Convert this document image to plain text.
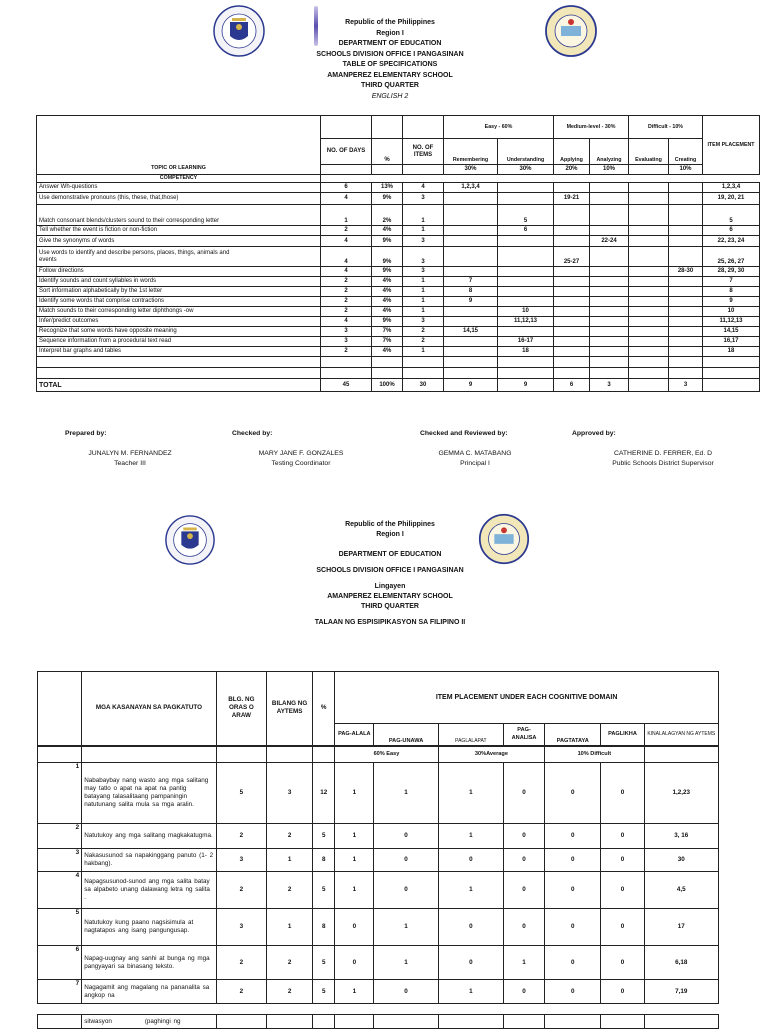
Republic of the Philippines
Region I
DEPARTMENT OF EDUCATION
SCHOOLS DIVISION OFFICE I PANGASINAN
TABLE OF SPECIFICATIONS
AMANPEREZ ELEMENTARY SCHOOL
THIRD QUARTER
ENGLISH 2
TOPIC OR LEARNING				Easy - 60%		Medium-level - 30%		Difficult - 10%		ITEM PLACEMENT
	NO. OF DAYS	%	NO. OF ITEMS	Remembering	Understanding	Applying	Analyzing	Evaluating	Creating	
				30%	30%	20%	10%		10%	
COMPETENCY										
Answer Wh-questions	6	13%	4	1,2,3,4						1,2,3,4
Use demonstrative pronouns (this, these, that,those)	4	9%	3			19-21				19, 20, 21
Match consonant blends/clusters sound to their corresponding letter	1	2%	1		5					5
Tell whether the event is fiction or non-fiction	2	4%	1		6					6
Give the synonyms of words	4	9%	3				22-24			22, 23, 24

Use words to identify and describe persons, places, things, animals and
events	4	9%	3			25-27				25, 26, 27
Follow directions	4	9%	3						28-30	28, 29, 30
Identify sounds and count syllables in words	2	4%	1	7						7
Sort information alphabetically by the 1st letter	2	4%	1	8						8
Identify some words that comprise contractions	2	4%	1	9						9
Match sounds to their corresponding letter diphthongs -ow	2	4%	1		10					10
Infer/predict outcomes	4	9%	3		11,12,13					11,12,13
Recognize that some words have opposite meaning	3	7%	2	14,15						14,15
Sequence information from a procedural text read	3	7%	2		16-17					16,17
Interpret bar graphs and tables	2	4%	1		18					18

TOTAL	45	100%	30	9	9	6	3		3	
Prepared by:	Checked by:	Checked and Reviewed by:	Approved by:
JUNALYN M. FERNANDEZ
Teacher III
MARY JANE F. GONZALES
Testing Coordinator
GEMMA C. MATABANG
Principal I
CATHERINE D. FERRER, Ed. D
Public Schools District Supervisor
Republic of the Philippines
Region I
DEPARTMENT OF EDUCATION
SCHOOLS DIVISION OFFICE I PANGASINAN
Lingayen
AMANPEREZ ELEMENTARY SCHOOL
THIRD QUARTER
TALAAN NG ESPISIPIKASYON SA FILIPINO II
	MGA KASANAYAN SA PAGKATUTO	BLG. NG ORAS O ARAW	BILANG NG AYTEMS	%	ITEM PLACEMENT UNDER EACH COGNITIVE DOMAIN						
					PAG-ALALA	PAG-UNAWA	PAGLALAPAT	PAG-ANALISA	PAGTATAYA	PAGLIKHA	KINALALAGYAN NG AYTEMS
					60% Easy		30%Average		10% Difficult		
1	Nababaybay nang wasto ang mga salitang may tatlo o apat na apat na pantig batayang talasalitaang pampaningin natutunang salita mula sa mga aralin.	5	3	12	1	1	1	0	0	0	1,2,23
2	Natutukoy ang mga salitang magkakatugma.	2	2	5	1	0	1	0	0	0	3, 16
3	Nakasusunod sa napakinggang panuto (1- 2 hakbang).	3	1	8	1	0	0	0	0	0	30
4	Napagsusunod-sunod ang mga salita batay sa alpabeto unang dalawang letra ng salita .	2	2	5	1	0	1	0	0	0	4,5
5	Natutukoy kung paano nagsisimula at nagtatapos ang isang pangungusap.	3	1	8	0	1	0	0	0	0	17
6	Napag-uugnay ang sanhi at bunga ng mga pangyayari sa binasang teksto.	2	2	5	0	1	0	1	0	0	6,18
7	Nagagamit ang magalang na pananalita sa angkop na	2	2	5	1	0	1	0	0	0	7,19
	sitwasyon            (paghingi ng										
